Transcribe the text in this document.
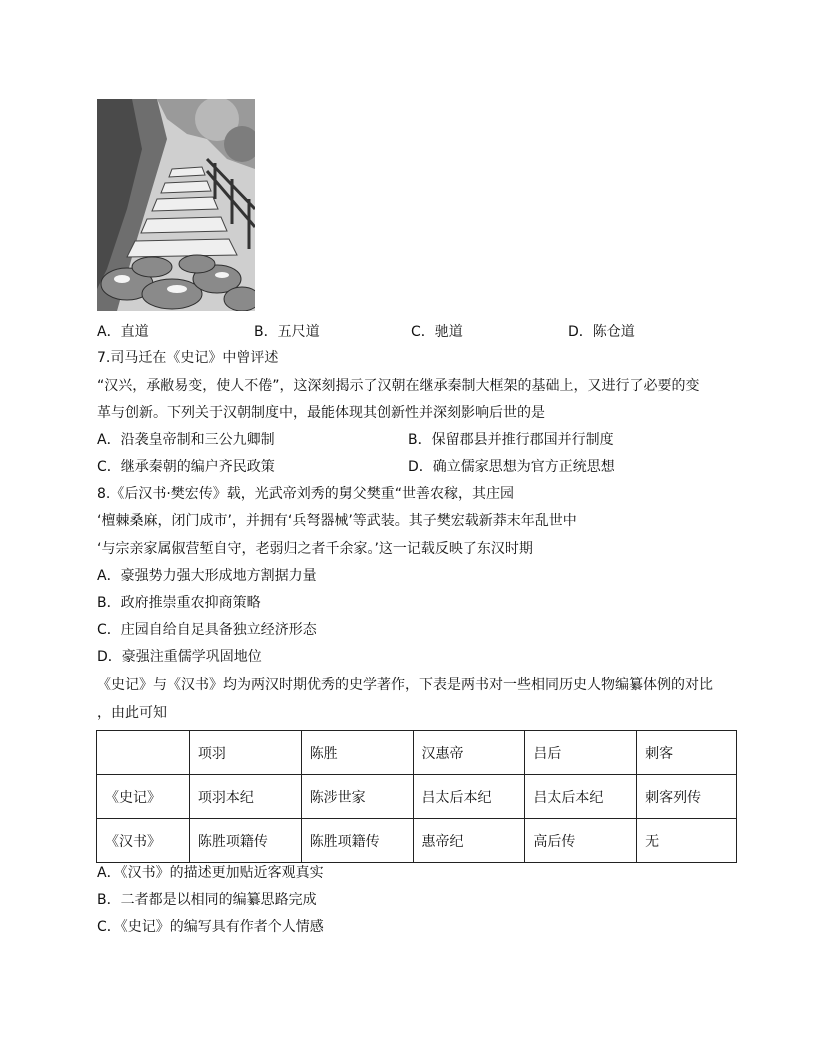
A．直道	B．五尺道	C．驰道	D．陈仓道
7.司马迁在《史记》中曾评述
“汉兴，承敝易变，使人不倦”，这深刻揭示了汉朝在继承秦制大框架的基础上，又进行了必要的变
革与创新。下列关于汉朝制度中，最能体现其创新性并深刻影响后世的是
A．沿袭皇帝制和三公九卿制	B．保留郡县并推行郡国并行制度
C．继承秦朝的编户齐民政策	D．确立儒家思想为官方正统思想
8.《后汉书·樊宏传》载，光武帝刘秀的舅父樊重“世善农稼，其庄园
‘檀棘桑麻，闭门成市’，并拥有‘兵弩器械’等武装。其子樊宏载新莽末年乱世中
‘与宗亲家属俶营堑自守，老弱归之者千余家。’这一记载反映了东汉时期
A．豪强势力强大形成地方割据力量
B．政府推崇重农抑商策略
C．庄园自给自足具备独立经济形态
D．豪强注重儒学巩固地位
《史记》与《汉书》均为两汉时期优秀的史学著作，下表是两书对一些相同历史人物编纂体例的对比
，由此可知
	项羽	陈胜	汉惠帝	吕后	刺客
《史记》	项羽本纪	陈涉世家	吕太后本纪	吕太后本纪	刺客列传
《汉书》	陈胜项籍传	陈胜项籍传	惠帝纪	高后传	无
A．《汉书》的描述更加贴近客观真实
B．二者都是以相同的编纂思路完成
C．《史记》的编写具有作者个人情感
